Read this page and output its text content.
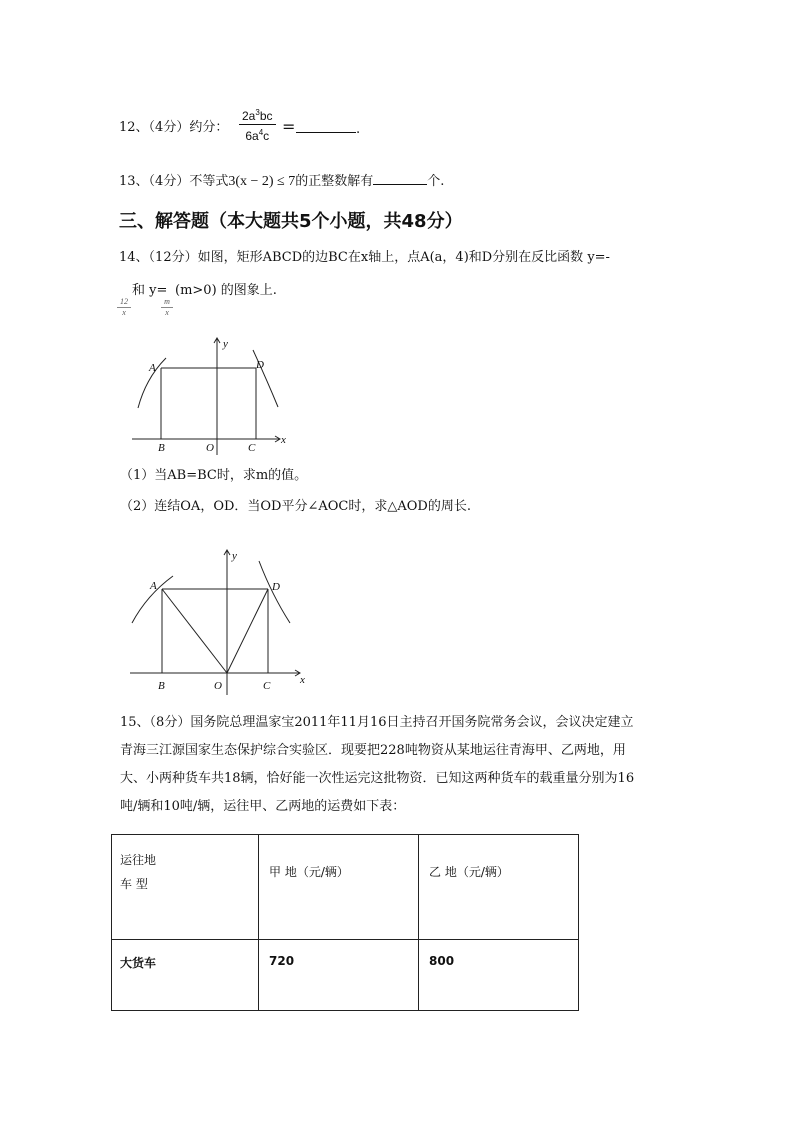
12、（4分）约分： $\frac{2a^3bc}{6a^4c}$ =	.
13、（4分）不等式3(x − 2) ≤ 7的正整数解有	个.
三、解答题（本大题共5个小题，共48分）
14、（12分）如图，矩形ABCD的边BC在x轴上，点A(a，4)和D分别在反比函数 y=-
和 y= (m>0) 的图象上.
$\frac{12}{x}$	$\frac{m}{x}$
A	D
B	O	C
x
y
（1）当AB=BC时，求m的值。
（2）连结OA，OD．当OD平分∠AOC时，求△AOD的周长.
A	D
B	O	C	x
y
15、（8分）国务院总理温家宝2011年11月16日主持召开国务院常务会议，会议决定建立
青海三江源国家生态保护综合实验区．现要把228吨物资从某地运往青海甲、乙两地，用
大、小两种货车共18辆，恰好能一次性运完这批物资．已知这两种货车的载重量分别为16
吨/辆和10吨/辆，运往甲、乙两地的运费如下表：
运往地
车 型	甲 地（元/辆）	乙 地（元/辆）

大货车	720	800
